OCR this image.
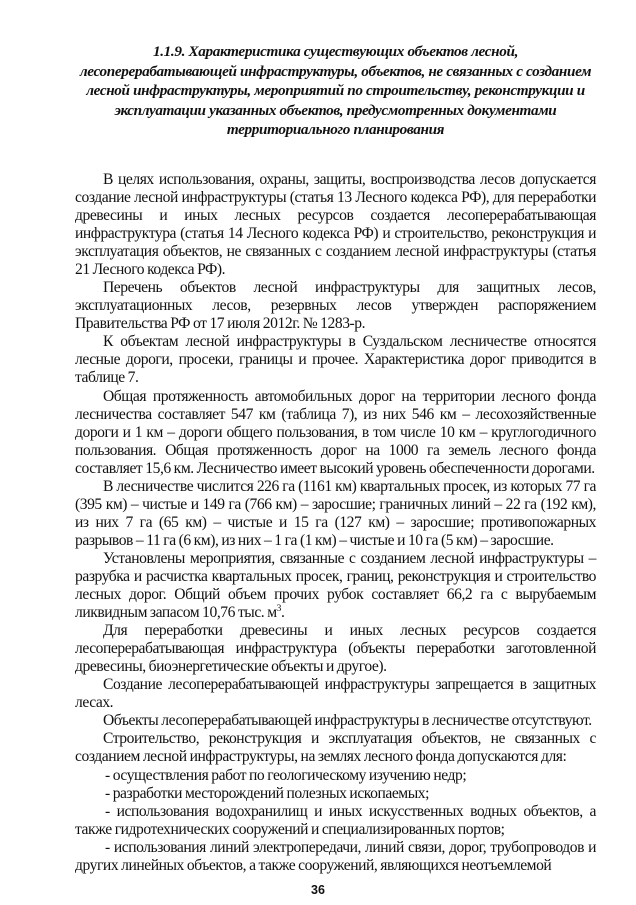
1.1.9. Характеристика существующих объектов лесной, лесоперерабатывающей инфраструктуры, объектов, не связанных с созданием лесной инфраструктуры, мероприятий по строительству, реконструкции и эксплуатации указанных объектов, предусмотренных документами территориального планирования

В целях использования, охраны, защиты, воспроизводства лесов допускается создание лесной инфраструктуры (статья 13 Лесного кодекса РФ), для переработки древесины и иных лесных ресурсов создается лесоперерабатывающая инфраструктура (статья 14 Лесного кодекса РФ) и строительство, реконструкция и эксплуатация объектов, не связанных с созданием лесной инфраструктуры (статья 21 Лесного кодекса РФ).

Перечень объектов лесной инфраструктуры для защитных лесов, эксплуатационных лесов, резервных лесов утвержден распоряжением Правительства РФ от 17 июля 2012г. № 1283-р.

К объектам лесной инфраструктуры в Суздальском лесничестве относятся лесные дороги, просеки, границы и прочее. Характеристика дорог приводится в таблице 7.

Общая протяженность автомобильных дорог на территории лесного фонда лесничества составляет 547 км (таблица 7), из них 546 км – лесохозяйственные дороги и 1 км – дороги общего пользования, в том числе 10 км – круглогодичного пользования. Общая протяженность дорог на 1000 га земель лесного фонда составляет 15,6 км. Лесничество имеет высокий уровень обеспеченности дорогами.

В лесничестве числится 226 га (1161 км) квартальных просек, из которых 77 га (395 км) – чистые и 149 га (766 км) – заросшие; граничных линий – 22 га (192 км), из них 7 га (65 км) – чистые и 15 га (127 км) – заросшие; противопожарных разрывов – 11 га (6 км), из них – 1 га (1 км) – чистые и 10 га (5 км) – заросшие.

Установлены мероприятия, связанные с созданием лесной инфраструктуры – разрубка и расчистка квартальных просек, границ, реконструкция и строительство лесных дорог. Общий объем прочих рубок составляет 66,2 га с вырубаемым ликвидным запасом 10,76 тыс. $м^3$.

Для переработки древесины и иных лесных ресурсов создается лесоперерабатывающая инфраструктура (объекты переработки заготовленной древесины, биоэнергетические объекты и другое).

Создание лесоперерабатывающей инфраструктуры запрещается в защитных лесах.

Объекты лесоперерабатывающей инфраструктуры в лесничестве отсутствуют.

Строительство, реконструкция и эксплуатация объектов, не связанных с созданием лесной инфраструктуры, на землях лесного фонда допускаются для:

- осуществления работ по геологическому изучению недр;

- разработки месторождений полезных ископаемых;

- использования водохранилищ и иных искусственных водных объектов, а также гидротехнических сооружений и специализированных портов;

- использования линий электропередачи, линий связи, дорог, трубопроводов и других линейных объектов, а также сооружений, являющихся неотъемлемой

36
